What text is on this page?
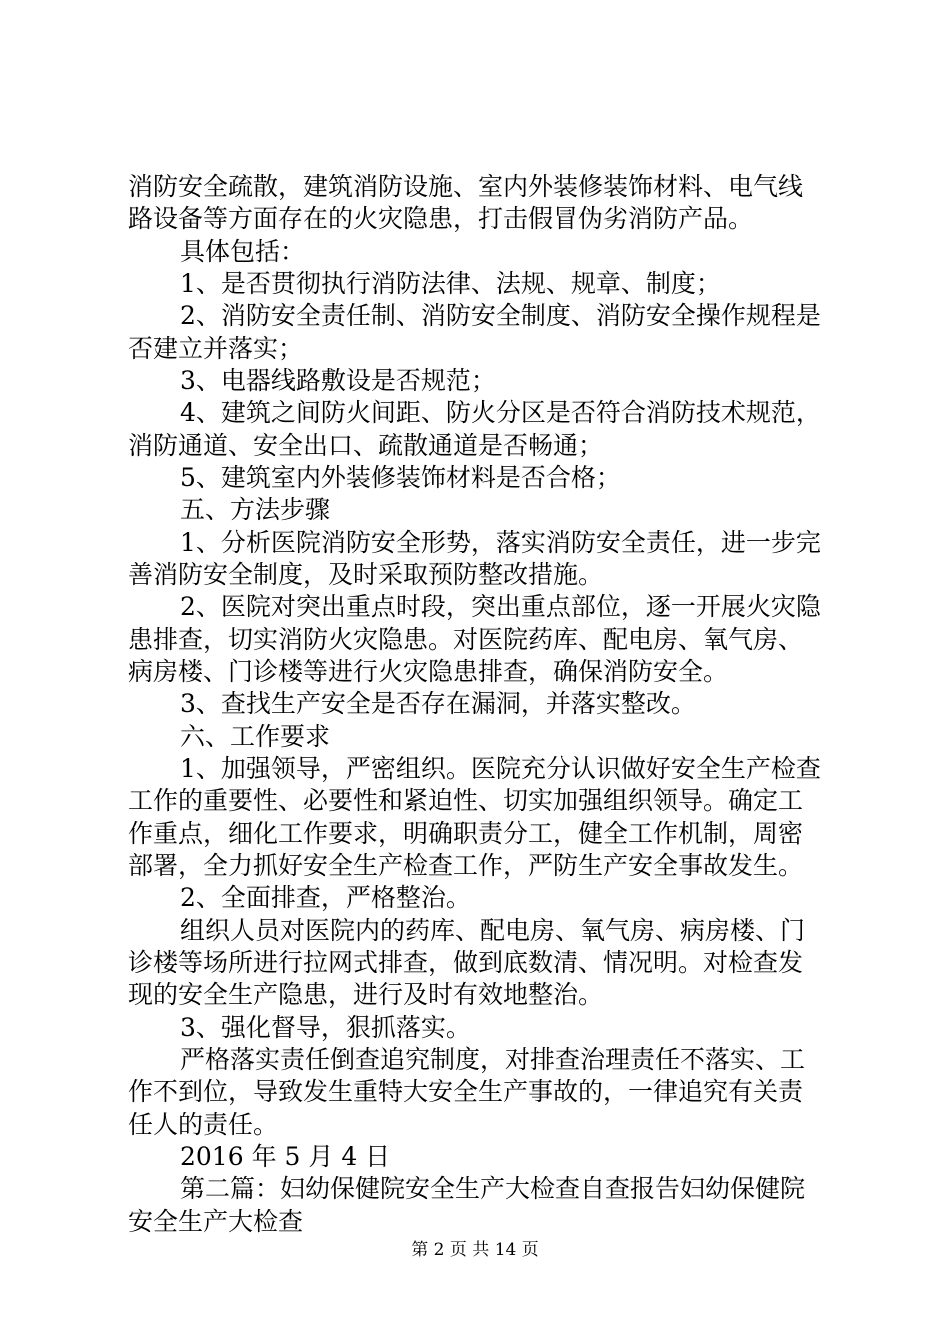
消防安全疏散，建筑消防设施、室内外装修装饰材料、电气线
路设备等方面存在的火灾隐患，打击假冒伪劣消防产品。
具体包括：
1、是否贯彻执行消防法律、法规、规章、制度；
2、消防安全责任制、消防安全制度、消防安全操作规程是
否建立并落实；
3、电器线路敷设是否规范；
4、建筑之间防火间距、防火分区是否符合消防技术规范，
消防通道、安全出口、疏散通道是否畅通；
5、建筑室内外装修装饰材料是否合格；
五、方法步骤
1、分析医院消防安全形势，落实消防安全责任，进一步完
善消防安全制度，及时采取预防整改措施。
2、医院对突出重点时段，突出重点部位，逐一开展火灾隐
患排查，切实消防火灾隐患。对医院药库、配电房、氧气房、
病房楼、门诊楼等进行火灾隐患排查，确保消防安全。
3、查找生产安全是否存在漏洞，并落实整改。
六、工作要求
1、加强领导，严密组织。医院充分认识做好安全生产检查
工作的重要性、必要性和紧迫性、切实加强组织领导。确定工
作重点，细化工作要求，明确职责分工，健全工作机制，周密
部署，全力抓好安全生产检查工作，严防生产安全事故发生。
2、全面排查，严格整治。
组织人员对医院内的药库、配电房、氧气房、病房楼、门
诊楼等场所进行拉网式排查，做到底数清、情况明。对检查发
现的安全生产隐患，进行及时有效地整治。
3、强化督导，狠抓落实。
严格落实责任倒查追究制度，对排查治理责任不落实、工
作不到位，导致发生重特大安全生产事故的，一律追究有关责
任人的责任。
2016 年 5 月 4 日
第二篇：妇幼保健院安全生产大检查自查报告妇幼保健院
安全生产大检查
第 2 页 共 14 页
